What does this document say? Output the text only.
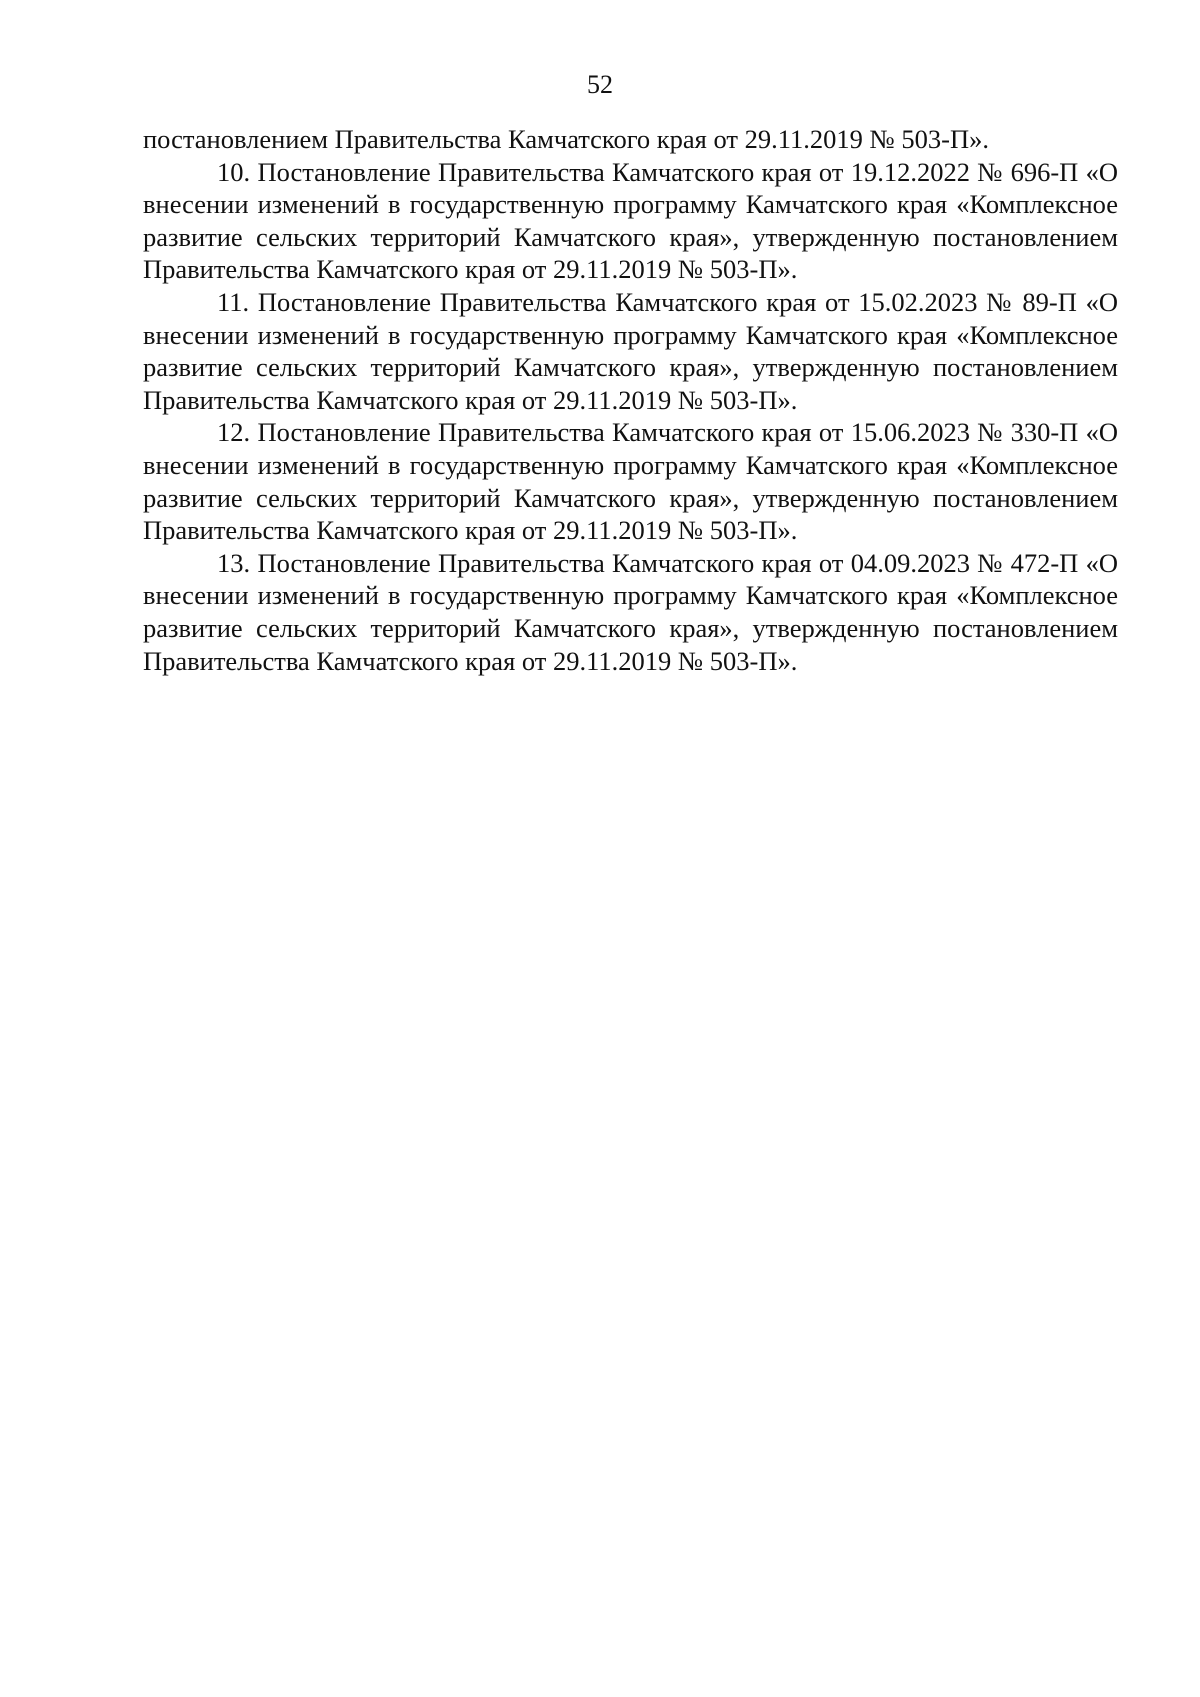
52

постановлением Правительства Камчатского края от 29.11.2019 № 503-П».

10. Постановление Правительства Камчатского края от 19.12.2022 № 696-П «О внесении изменений в государственную программу Камчатского края «Комплексное развитие сельских территорий Камчатского края», утвержденную постановлением Правительства Камчатского края от 29.11.2019 № 503-П».

11. Постановление Правительства Камчатского края от 15.02.2023 № 89-П «О внесении изменений в государственную программу Камчатского края «Комплексное развитие сельских территорий Камчатского края», утвержденную постановлением Правительства Камчатского края от 29.11.2019 № 503-П».

12. Постановление Правительства Камчатского края от 15.06.2023 № 330-П «О внесении изменений в государственную программу Камчатского края «Комплексное развитие сельских территорий Камчатского края», утвержденную постановлением Правительства Камчатского края от 29.11.2019 № 503-П».

13. Постановление Правительства Камчатского края от 04.09.2023 № 472-П «О внесении изменений в государственную программу Камчатского края «Комплексное развитие сельских территорий Камчатского края», утвержденную постановлением Правительства Камчатского края от 29.11.2019 № 503-П».
